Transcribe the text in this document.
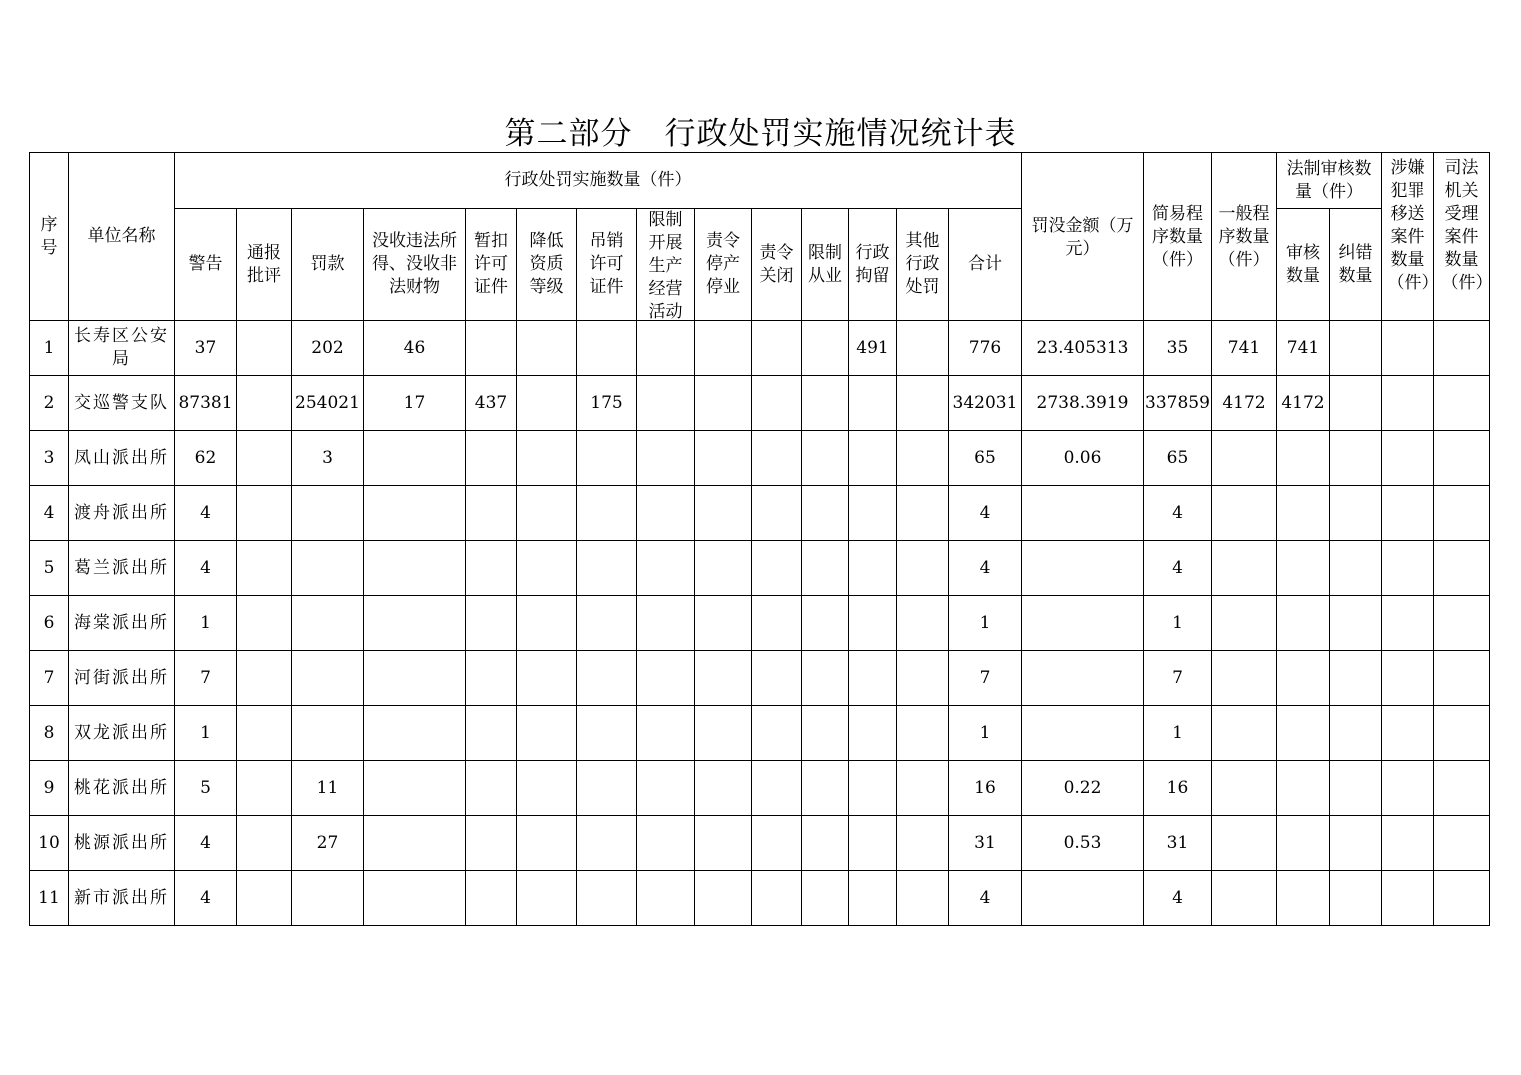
第二部分　行政处罚实施情况统计表
序号	单位名称	行政处罚实施数量（件）														罚没金额（万元）	简易程序数量（件）	一般程序数量（件）	法制审核数量（件）		涉嫌犯罪移送案件数量（件）	司法机关受理案件数量（件）

		警告	通报批评	罚款	没收违法所得、没收非法财物	暂扣许可证件	降低资质等级	吊销许可证件	限制开展生产经营活动	责令停产停业	责令关闭	限制从业	行政拘留	其他行政处罚	合计				审核数量	纠错数量		

1	长寿区公安局	37		202	46								491		776	23.405313	35	741	741			
2	交巡警支队	87381		254021	17	437		175							342031	2738.3919	337859	4172	4172			
3	凤山派出所	62		3											65	0.06	65					
4	渡舟派出所	4													4		4					
5	葛兰派出所	4													4		4					
6	海棠派出所	1													1		1					
7	河街派出所	7													7		7					
8	双龙派出所	1													1		1					
9	桃花派出所	5		11											16	0.22	16					
10	桃源派出所	4		27											31	0.53	31					
11	新市派出所	4													4		4					
